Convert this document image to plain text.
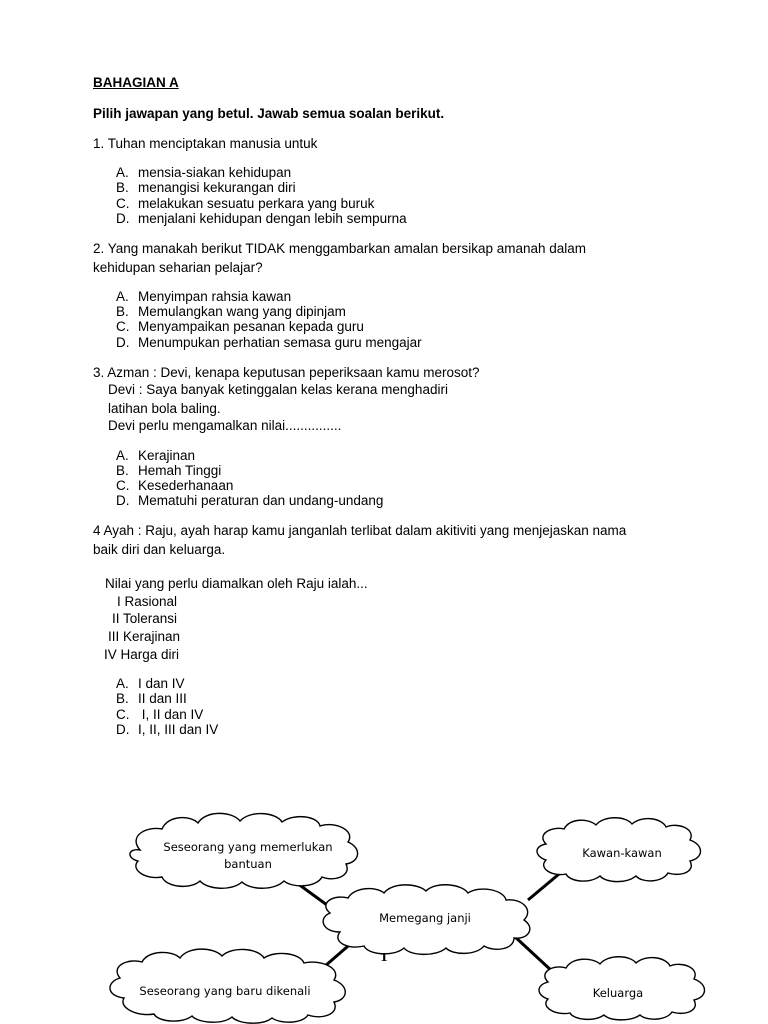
BAHAGIAN A
Pilih jawapan yang betul. Jawab semua soalan berikut.
1. Tuhan menciptakan manusia untuk
A. mensia-siakan kehidupan
B. menangisi kekurangan diri
C. melakukan sesuatu perkara yang buruk
D. menjalani kehidupan dengan lebih sempurna
2. Yang manakah berikut TIDAK menggambarkan amalan bersikap amanah dalam
kehidupan seharian pelajar?
A. Menyimpan rahsia kawan
B. Memulangkan wang yang dipinjam
C. Menyampaikan pesanan kepada guru
D. Menumpukan perhatian semasa guru mengajar
3. Azman : Devi, kenapa keputusan peperiksaan kamu merosot?
Devi : Saya banyak ketinggalan kelas kerana menghadiri
latihan bola baling.
Devi perlu mengamalkan nilai...............
A. Kerajinan
B. Hemah Tinggi
C. Kesederhanaan
D. Mematuhi peraturan dan undang-undang
4 Ayah : Raju, ayah harap kamu janganlah terlibat dalam akitiviti yang menjejaskan nama
baik diri dan keluarga.
Nilai yang perlu diamalkan oleh Raju ialah...
I Rasional
II Toleransi
III Kerajinan
IV Harga diri
A. I dan IV
B. II dan III
C. I, II dan IV
D. I, II, III dan IV
Seseorang yang memerlukan
bantuan
Kawan-kawan
Memegang janji
Seseorang yang baru dikenali	Keluarga
1
